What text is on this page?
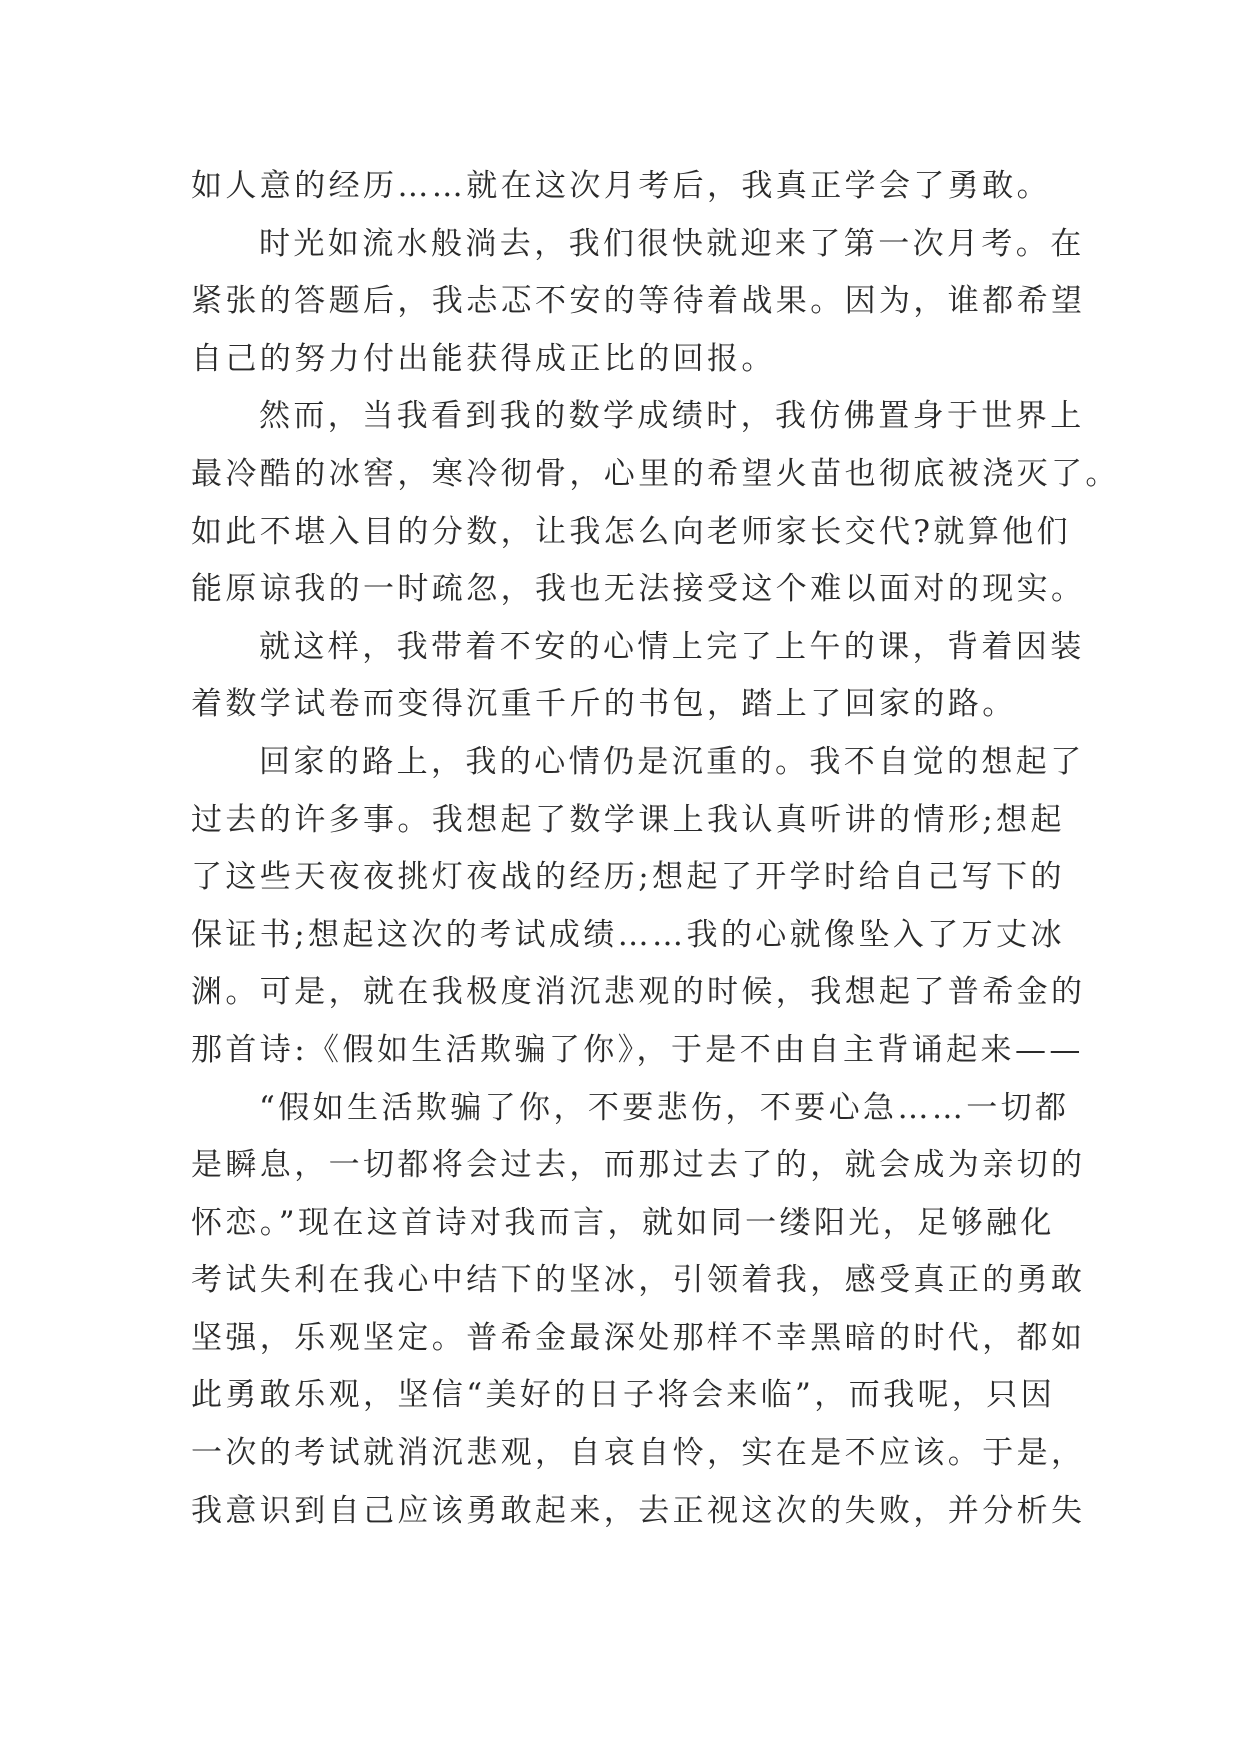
如人意的经历……就在这次月考后，我真正学会了勇敢。
时光如流水般淌去，我们很快就迎来了第一次月考。在
紧张的答题后，我忐忑不安的等待着战果。因为，谁都希望
自己的努力付出能获得成正比的回报。
然而，当我看到我的数学成绩时，我仿佛置身于世界上
最冷酷的冰窖，寒冷彻骨，心里的希望火苗也彻底被浇灭了。
如此不堪入目的分数，让我怎么向老师家长交代?就算他们
能原谅我的一时疏忽，我也无法接受这个难以面对的现实。
就这样，我带着不安的心情上完了上午的课，背着因装
着数学试卷而变得沉重千斤的书包，踏上了回家的路。
回家的路上，我的心情仍是沉重的。我不自觉的想起了
过去的许多事。我想起了数学课上我认真听讲的情形;想起
了这些天夜夜挑灯夜战的经历;想起了开学时给自己写下的
保证书;想起这次的考试成绩……我的心就像坠入了万丈冰
渊。可是，就在我极度消沉悲观的时候，我想起了普希金的
那首诗:《假如生活欺骗了你》，于是不由自主背诵起来——
“假如生活欺骗了你，不要悲伤，不要心急……一切都
是瞬息，一切都将会过去，而那过去了的，就会成为亲切的
怀恋。”现在这首诗对我而言，就如同一缕阳光，足够融化
考试失利在我心中结下的坚冰，引领着我，感受真正的勇敢
坚强，乐观坚定。普希金最深处那样不幸黑暗的时代，都如
此勇敢乐观，坚信“美好的日子将会来临”，而我呢，只因
一次的考试就消沉悲观，自哀自怜，实在是不应该。于是，
我意识到自己应该勇敢起来，去正视这次的失败，并分析失
